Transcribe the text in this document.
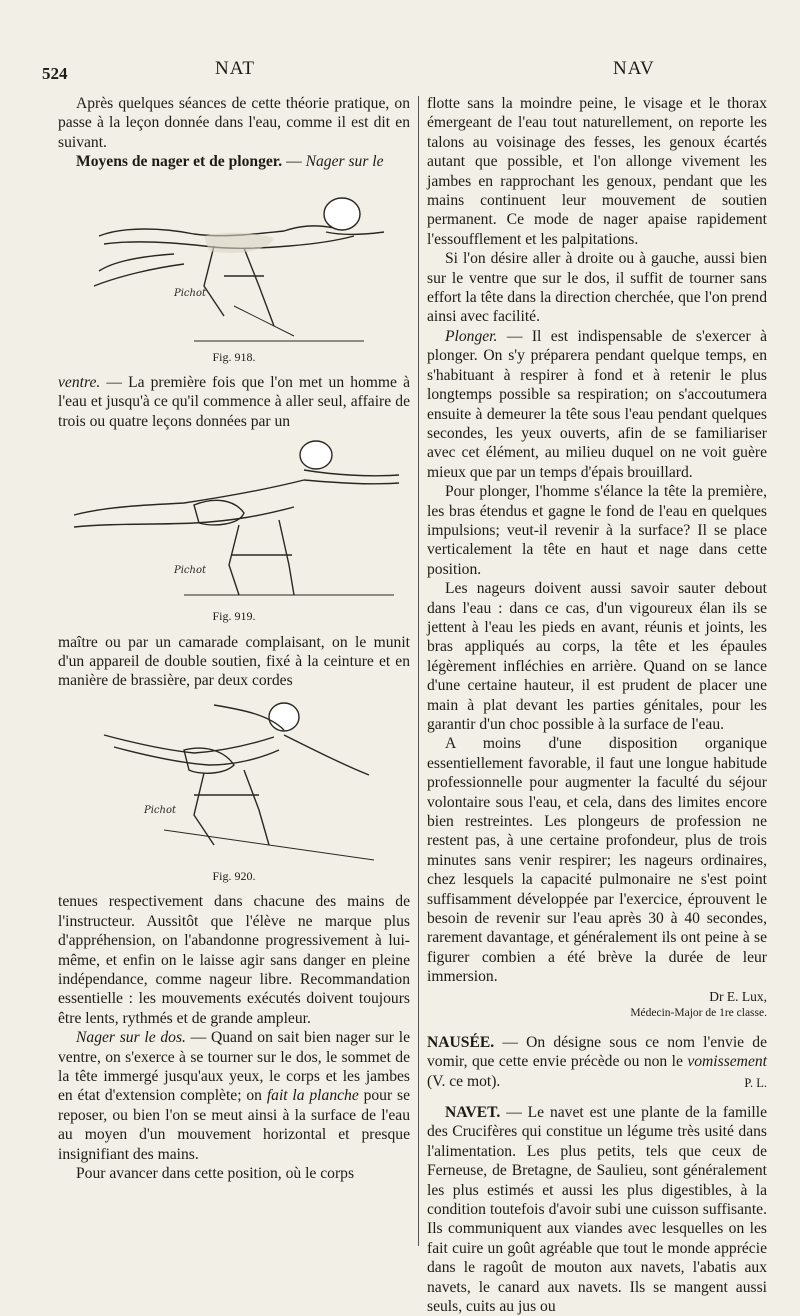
524	NAT	NAV

Après quelques séances de cette théorie pratique, on passe à la leçon donnée dans l'eau, comme il est dit en suivant.

Moyens de nager et de plonger. — Nager sur le

Pichot
Fig. 918.

ventre. — La première fois que l'on met un homme à l'eau et jusqu'à ce qu'il commence à aller seul, affaire de trois ou quatre leçons données par un

Pichot
Fig. 919.

maître ou par un camarade complaisant, on le munit d'un appareil de double soutien, fixé à la ceinture et en manière de brassière, par deux cordes

Pichot
Fig. 920.

tenues respectivement dans chacune des mains de l'instructeur. Aussitôt que l'élève ne marque plus d'appréhension, on l'abandonne progressivement à lui-même, et enfin on le laisse agir sans danger en pleine indépendance, comme nageur libre. Recommandation essentielle : les mouvements exécutés doivent toujours être lents, rythmés et de grande ampleur.

Nager sur le dos. — Quand on sait bien nager sur le ventre, on s'exerce à se tourner sur le dos, le sommet de la tête immergé jusqu'aux yeux, le corps et les jambes en état d'extension complète; on fait la planche pour se reposer, ou bien l'on se meut ainsi à la surface de l'eau au moyen d'un mouvement horizontal et presque insignifiant des mains.

Pour avancer dans cette position, où le corps

flotte sans la moindre peine, le visage et le thorax émergeant de l'eau tout naturellement, on reporte les talons au voisinage des fesses, les genoux écartés autant que possible, et l'on allonge vivement les jambes en rapprochant les genoux, pendant que les mains continuent leur mouvement de soutien permanent. Ce mode de nager apaise rapidement l'essoufflement et les palpitations.

Si l'on désire aller à droite ou à gauche, aussi bien sur le ventre que sur le dos, il suffit de tourner sans effort la tête dans la direction cherchée, que l'on prend ainsi avec facilité.

Plonger. — Il est indispensable de s'exercer à plonger. On s'y préparera pendant quelque temps, en s'habituant à respirer à fond et à retenir le plus longtemps possible sa respiration; on s'accoutumera ensuite à demeurer la tête sous l'eau pendant quelques secondes, les yeux ouverts, afin de se familiariser avec cet élément, au milieu duquel on ne voit guère mieux que par un temps d'épais brouillard.

Pour plonger, l'homme s'élance la tête la première, les bras étendus et gagne le fond de l'eau en quelques impulsions; veut-il revenir à la surface? Il se place verticalement la tête en haut et nage dans cette position.

Les nageurs doivent aussi savoir sauter debout dans l'eau : dans ce cas, d'un vigoureux élan ils se jettent à l'eau les pieds en avant, réunis et joints, les bras appliqués au corps, la tête et les épaules légèrement infléchies en arrière. Quand on se lance d'une certaine hauteur, il est prudent de placer une main à plat devant les parties génitales, pour les garantir d'un choc possible à la surface de l'eau.

A moins d'une disposition organique essentiellement favorable, il faut une longue habitude professionnelle pour augmenter la faculté du séjour volontaire sous l'eau, et cela, dans des limites encore bien restreintes. Les plongeurs de profession ne restent pas, à une certaine profondeur, plus de trois minutes sans venir respirer; les nageurs ordinaires, chez lesquels la capacité pulmonaire ne s'est point suffisamment développée par l'exercice, éprouvent le besoin de revenir sur l'eau après 30 à 40 secondes, rarement davantage, et généralement ils ont peine à se figurer combien a été brève la durée de leur immersion.

Dr E. Lux,
Médecin-Major de 1re classe.

NAUSÉE. — On désigne sous ce nom l'envie de vomir, que cette envie précède ou non le vomissement (V. ce mot).	P. L.

NAVET. — Le navet est une plante de la famille des Crucifères qui constitue un légume très usité dans l'alimentation. Les plus petits, tels que ceux de Ferneuse, de Bretagne, de Saulieu, sont généralement les plus estimés et aussi les plus digestibles, à la condition toutefois d'avoir subi une cuisson suffisante. Ils communiquent aux viandes avec lesquelles on les fait cuire un goût agréable que tout le monde apprécie dans le ragoût de mouton aux navets, l'abatis aux navets, le canard aux navets. Ils se mangent aussi seuls, cuits au jus ou
